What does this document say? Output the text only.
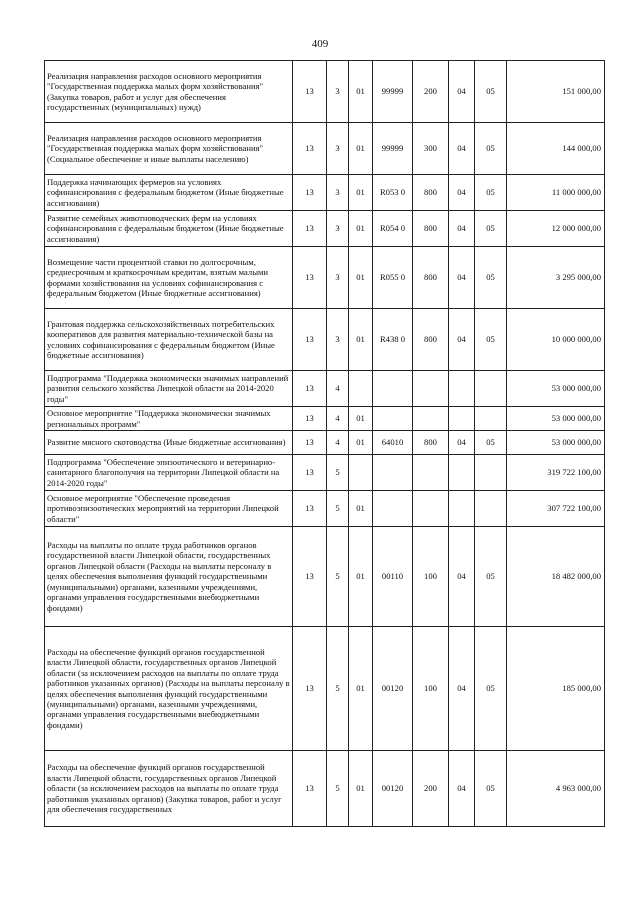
409
Реализация направления расходов основного мероприятия "Государственная поддержка малых форм хозяйствования" (Закупка товаров, работ и услуг для обеспечения государственных (муниципальных) нужд)	13	3	01	99999	200	04	05	151 000,00
Реализация направления расходов основного мероприятия "Государственная поддержка малых форм хозяйствования" (Социальное обеспечение и иные выплаты населению)	13	3	01	99999	300	04	05	144 000,00
Поддержка начинающих фермеров на условиях софинансирования с федеральным бюджетом (Иные бюджетные ассигнования)	13	3	01	R053 0	800	04	05	11 000 000,00
Развитие семейных животноводческих ферм на условиях софинансирования с федеральным бюджетом (Иные бюджетные ассигнования)	13	3	01	R054 0	800	04	05	12 000 000,00
Возмещение части процентной ставки по долгосрочным, среднесрочным и краткосрочным кредитам, взятым малыми формами хозяйствования на условиях софинансирования с федеральным бюджетом (Иные бюджетные ассигнования)	13	3	01	R055 0	800	04	05	3 295 000,00
Грантовая поддержка сельскохозяйственных потребительских кооперативов для развития материально-технической базы на условиях софинансирования с федеральным бюджетом (Иные бюджетные ассигнования)	13	3	01	R438 0	800	04	05	10 000 000,00
Подпрограмма "Поддержка экономически значимых направлений развития сельского хозяйства Липецкой области на 2014-2020 годы"	13	4						53 000 000,00
Основное мероприятие "Поддержка экономически значимых региональных программ"	13	4	01					53 000 000,00
Развитие мясного скотоводства (Иные бюджетные ассигнования)	13	4	01	64010	800	04	05	53 000 000,00
Подпрограмма "Обеспечение эпизоотического и ветеринарно-санитарного благополучия на территории Липецкой области на 2014-2020 годы"	13	5						319 722 100,00
Основное мероприятие "Обеспечение проведения противоэпизоотических мероприятий на территории Липецкой области"	13	5	01					307 722 100,00
Расходы на выплаты по оплате труда работников органов государственной власти Липецкой области, государственных органов Липецкой области (Расходы на выплаты персоналу в целях обеспечения выполнения функций государственными (муниципальными) органами, казенными учреждениями, органами управления государственными внебюджетными фондами)	13	5	01	00110	100	04	05	18 482 000,00
Расходы на обеспечение функций органов государственной власти Липецкой области, государственных органов Липецкой области (за исключением расходов на выплаты по оплате труда работников указанных органов) (Расходы на выплаты персоналу в целях обеспечения выполнения функций государственными (муниципальными) органами, казенными учреждениями, органами управления государственными внебюджетными фондами)	13	5	01	00120	100	04	05	185 000,00
Расходы на обеспечение функций органов государственной власти Липецкой области, государственных органов Липецкой области (за исключением расходов на выплаты по оплате труда работников указанных органов) (Закупка товаров, работ и услуг для обеспечения государственных	13	5	01	00120	200	04	05	4 963 000,00
